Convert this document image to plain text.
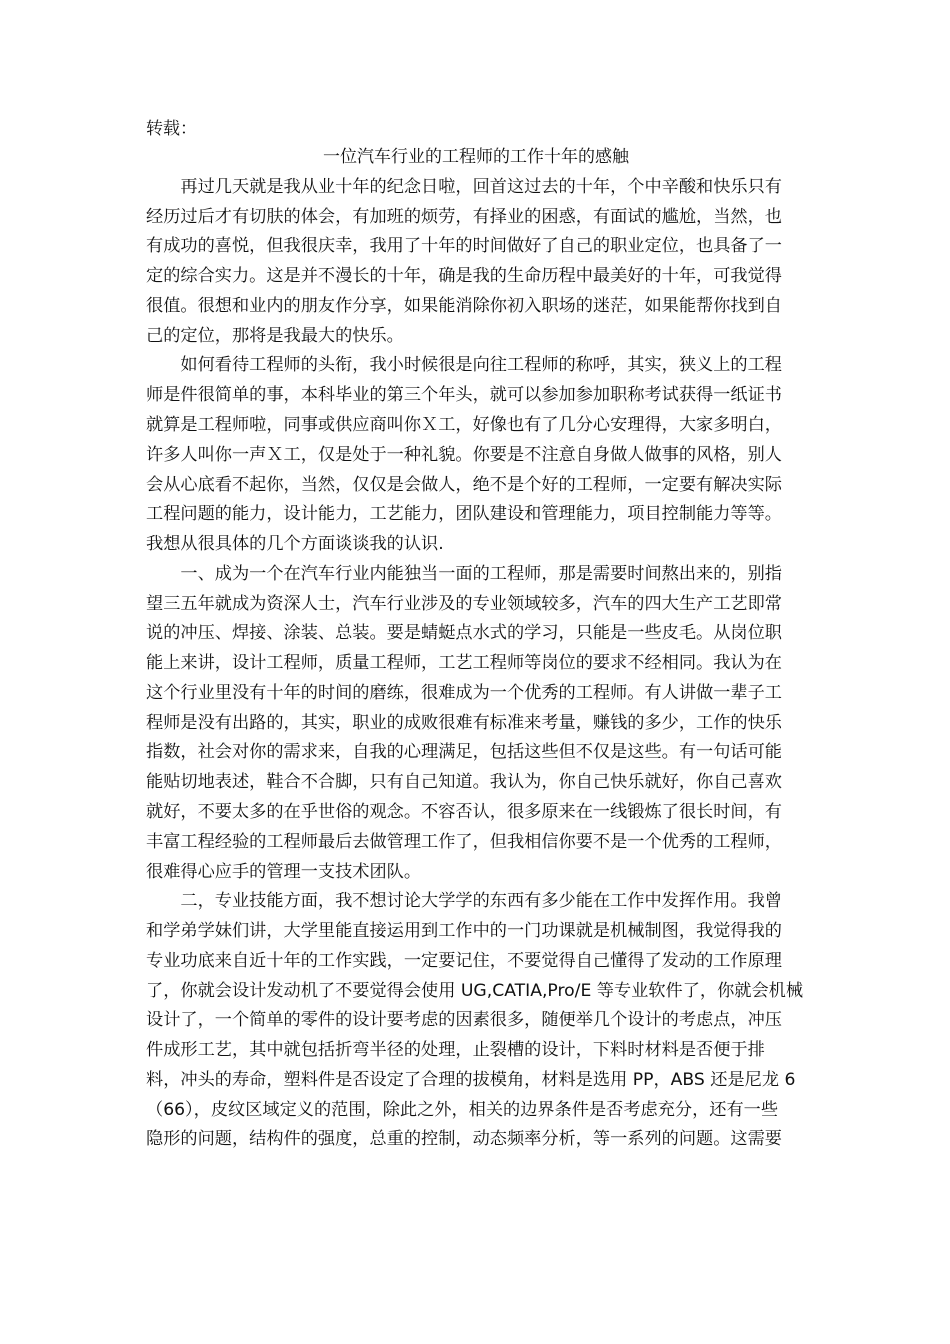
转载：
一位汽车行业的工程师的工作十年的感触
　　再过几天就是我从业十年的纪念日啦，回首这过去的十年，个中辛酸和快乐只有
经历过后才有切肤的体会，有加班的烦劳，有择业的困惑，有面试的尴尬，当然，也
有成功的喜悦，但我很庆幸，我用了十年的时间做好了自己的职业定位，也具备了一
定的综合实力。这是并不漫长的十年，确是我的生命历程中最美好的十年，可我觉得
很值。很想和业内的朋友作分享，如果能消除你初入职场的迷茫，如果能帮你找到自
己的定位，那将是我最大的快乐。
　　如何看待工程师的头衔，我小时候很是向往工程师的称呼，其实，狭义上的工程
师是件很简单的事，本科毕业的第三个年头，就可以参加参加职称考试获得一纸证书
就算是工程师啦，同事或供应商叫你Ｘ工，好像也有了几分心安理得，大家多明白，
许多人叫你一声Ｘ工，仅是处于一种礼貌。你要是不注意自身做人做事的风格，别人
会从心底看不起你，当然，仅仅是会做人，绝不是个好的工程师，一定要有解决实际
工程问题的能力，设计能力，工艺能力，团队建设和管理能力，项目控制能力等等。
我想从很具体的几个方面谈谈我的认识.
　　一、成为一个在汽车行业内能独当一面的工程师，那是需要时间熬出来的，别指
望三五年就成为资深人士，汽车行业涉及的专业领域较多，汽车的四大生产工艺即常
说的冲压、焊接、涂装、总装。要是蜻蜓点水式的学习，只能是一些皮毛。从岗位职
能上来讲，设计工程师，质量工程师，工艺工程师等岗位的要求不经相同。我认为在
这个行业里没有十年的时间的磨练，很难成为一个优秀的工程师。有人讲做一辈子工
程师是没有出路的，其实，职业的成败很难有标准来考量，赚钱的多少，工作的快乐
指数，社会对你的需求来，自我的心理满足，包括这些但不仅是这些。有一句话可能
能贴切地表述，鞋合不合脚，只有自己知道。我认为，你自己快乐就好，你自己喜欢
就好，不要太多的在乎世俗的观念。不容否认，很多原来在一线锻炼了很长时间，有
丰富工程经验的工程师最后去做管理工作了，但我相信你要不是一个优秀的工程师，
很难得心应手的管理一支技术团队。
　　二，专业技能方面，我不想讨论大学学的东西有多少能在工作中发挥作用。我曾
和学弟学妹们讲，大学里能直接运用到工作中的一门功课就是机械制图，我觉得我的
专业功底来自近十年的工作实践，一定要记住，不要觉得自己懂得了发动的工作原理
了，你就会设计发动机了不要觉得会使用 UG,CATIA,Pro/E 等专业软件了，你就会机械
设计了，一个简单的零件的设计要考虑的因素很多，随便举几个设计的考虑点，冲压
件成形工艺，其中就包括折弯半径的处理，止裂槽的设计，下料时材料是否便于排
料，冲头的寿命，塑料件是否设定了合理的拔模角，材料是选用 PP，ABS 还是尼龙 6
（66），皮纹区域定义的范围，除此之外，相关的边界条件是否考虑充分，还有一些
隐形的问题，结构件的强度，总重的控制，动态频率分析，等一系列的问题。这需要
